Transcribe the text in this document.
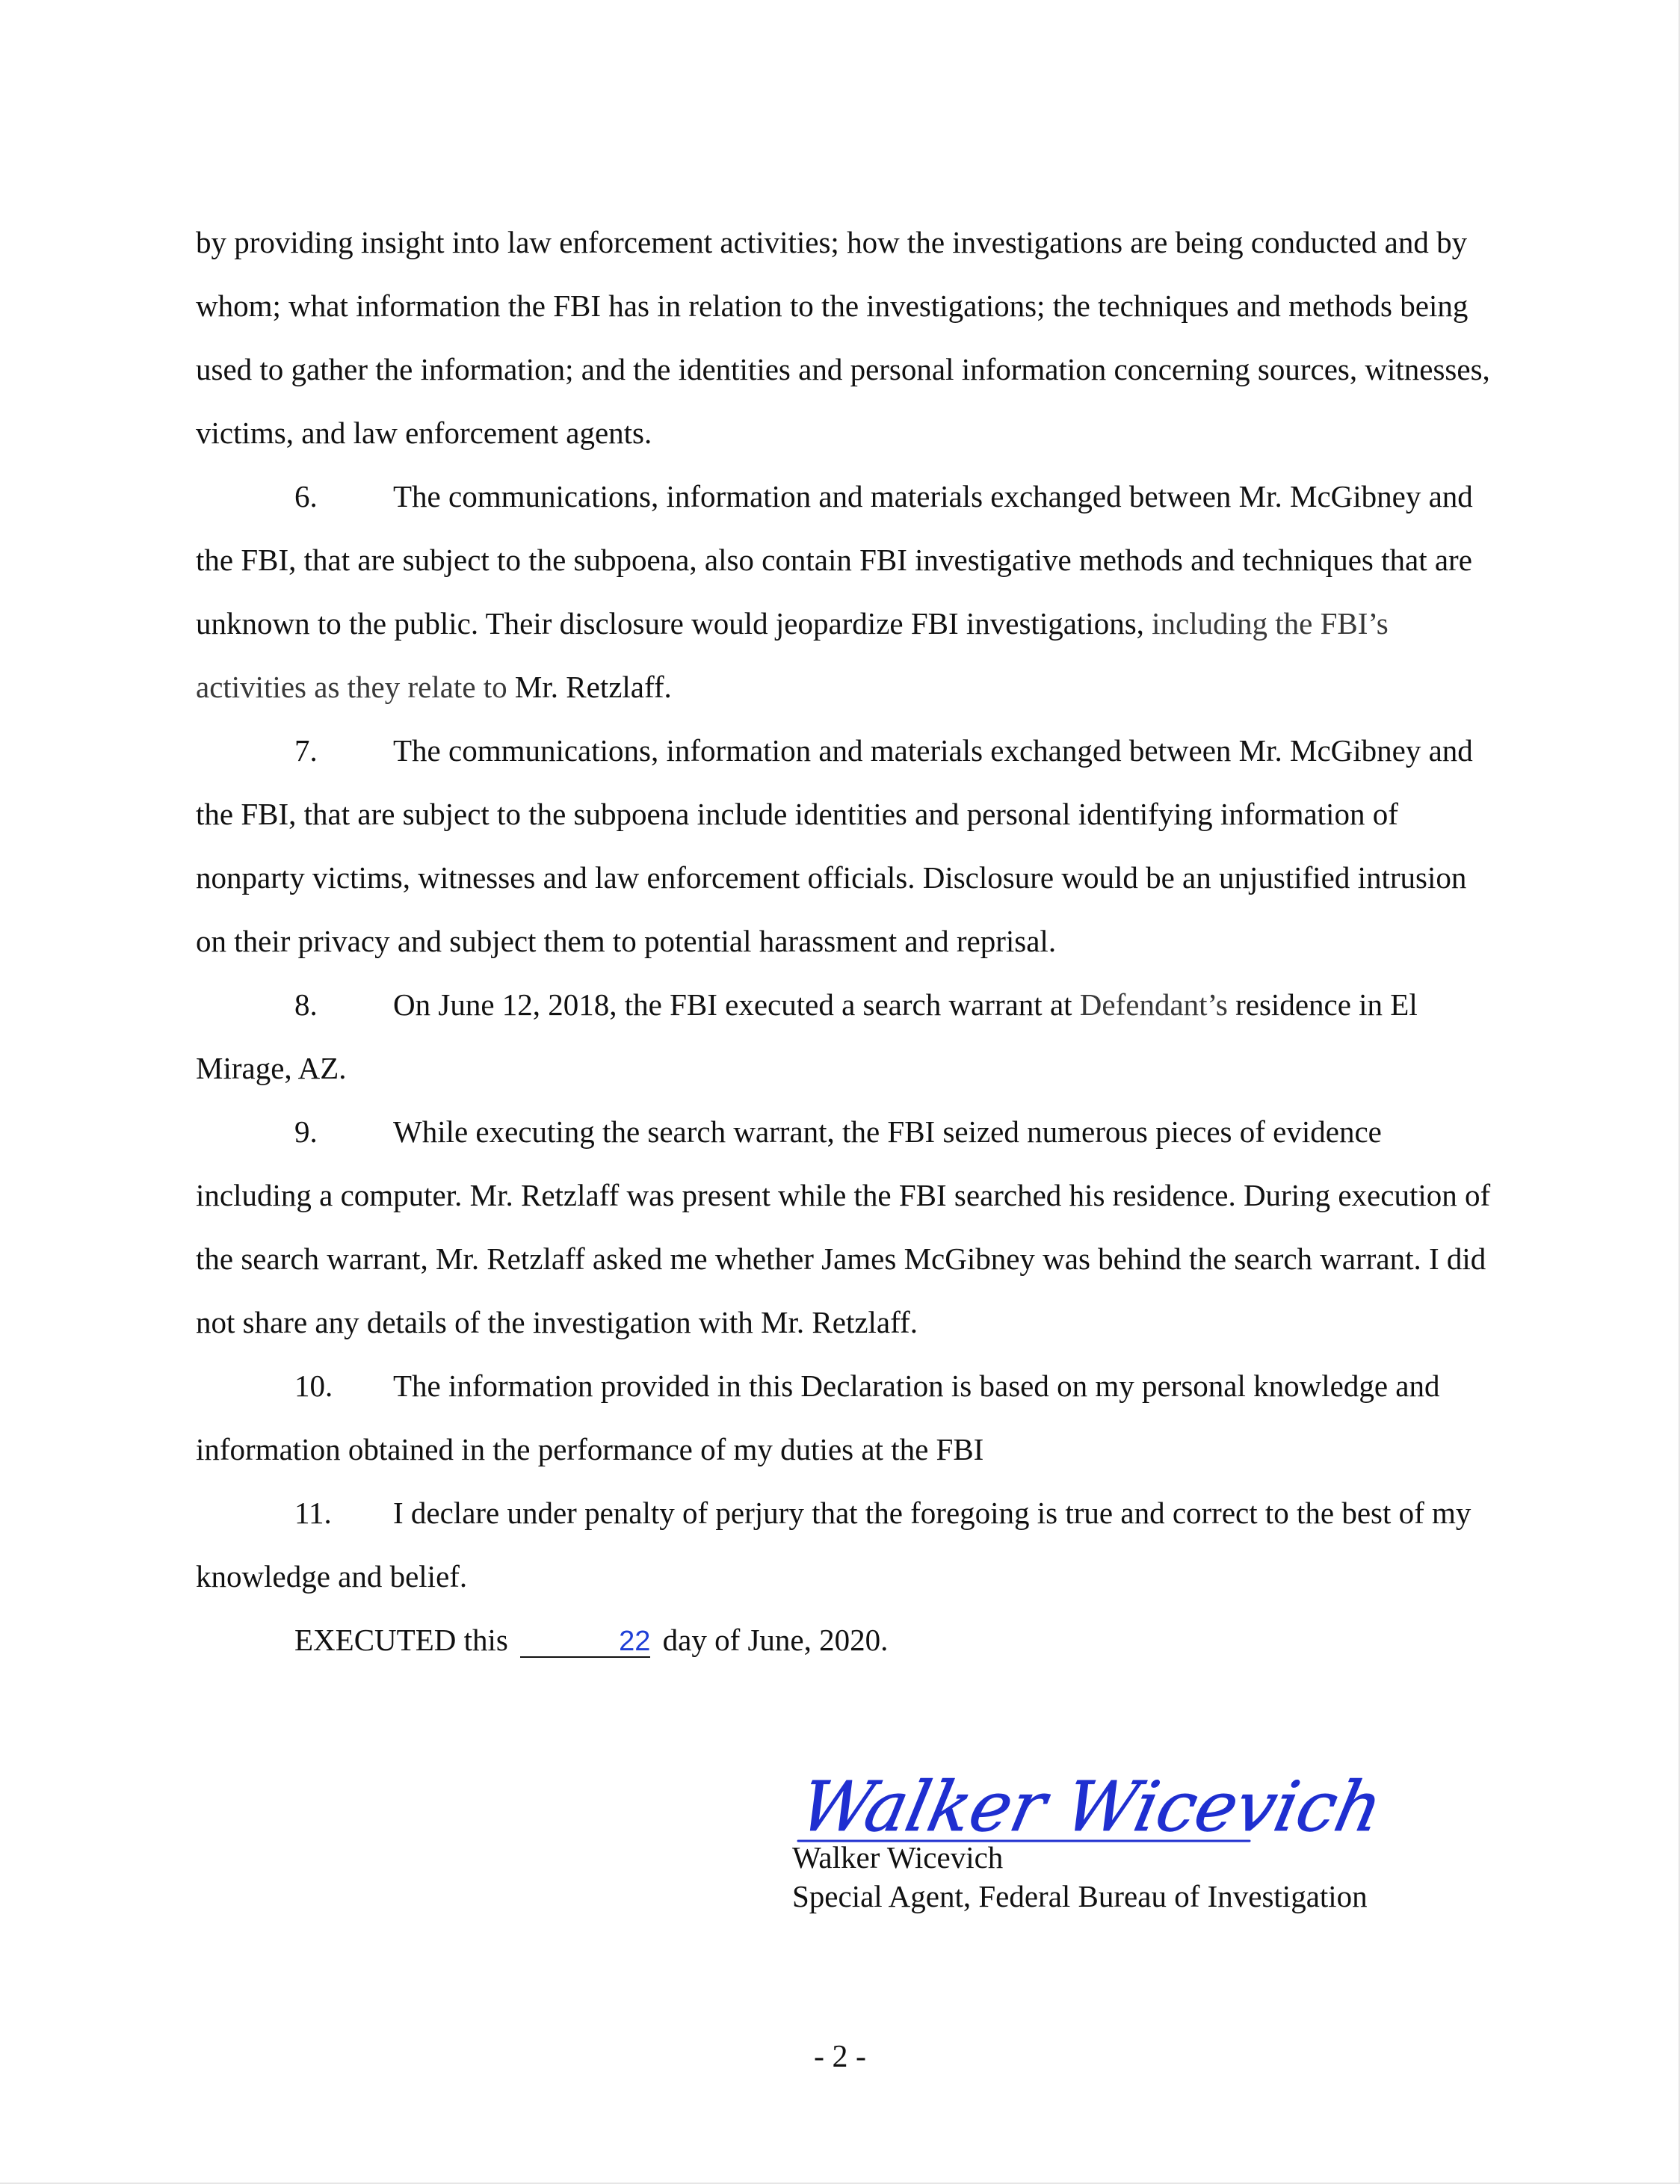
by providing insight into law enforcement activities; how the investigations are being conducted and by whom; what information the FBI has in relation to the investigations; the techniques and methods being used to gather the information; and the identities and personal information concerning sources, witnesses, victims, and law enforcement agents.

6. The communications, information and materials exchanged between Mr. McGibney and the FBI, that are subject to the subpoena, also contain FBI investigative methods and techniques that are unknown to the public. Their disclosure would jeopardize FBI investigations, including the FBI’s activities as they relate to Mr. Retzlaff.

7. The communications, information and materials exchanged between Mr. McGibney and the FBI, that are subject to the subpoena include identities and personal identifying information of nonparty victims, witnesses and law enforcement officials. Disclosure would be an unjustified intrusion on their privacy and subject them to potential harassment and reprisal.

8. On June 12, 2018, the FBI executed a search warrant at Defendant’s residence in El Mirage, AZ.

9. While executing the search warrant, the FBI seized numerous pieces of evidence including a computer. Mr. Retzlaff was present while the FBI searched his residence. During execution of the search warrant, Mr. Retzlaff asked me whether James McGibney was behind the search warrant. I did not share any details of the investigation with Mr. Retzlaff.

10. The information provided in this Declaration is based on my personal knowledge and information obtained in the performance of my duties at the FBI

11. I declare under penalty of perjury that the foregoing is true and correct to the best of my knowledge and belief.

EXECUTED this	22 day of June, 2020.

Walker Wicevich
Walker Wicevich
Special Agent, Federal Bureau of Investigation
- 2 -
